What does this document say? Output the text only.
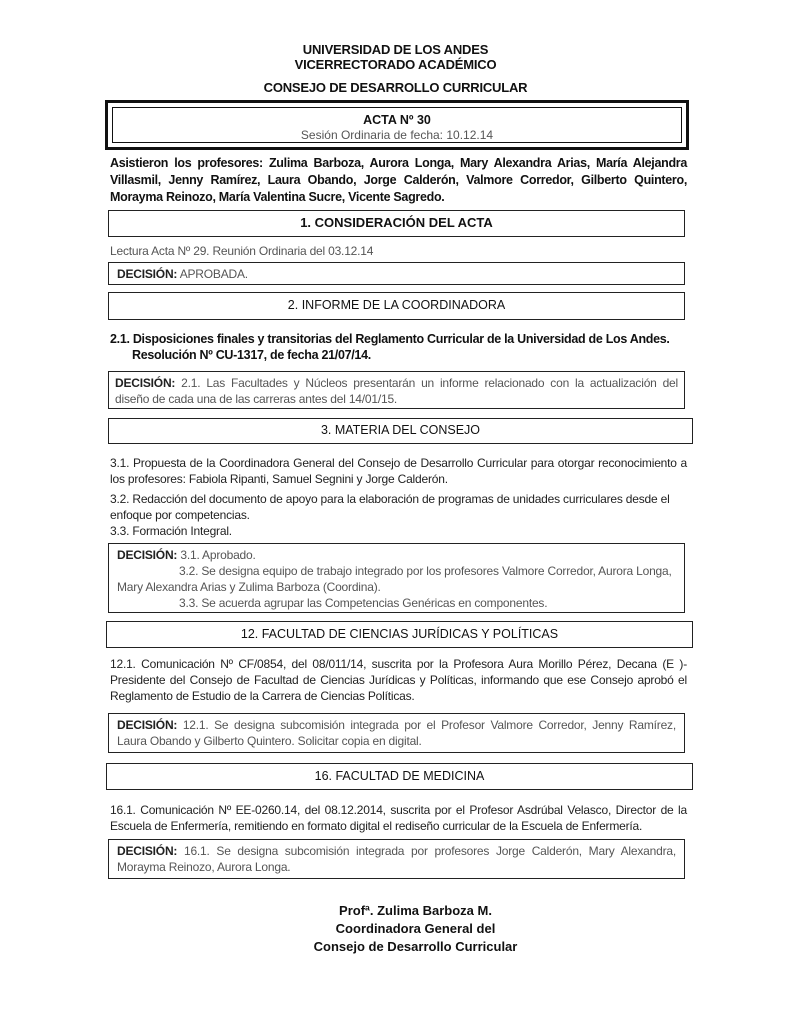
UNIVERSIDAD DE LOS ANDES
VICERRECTORADO ACADÉMICO
CONSEJO DE DESARROLLO CURRICULAR
ACTA Nº 30
Sesión Ordinaria de fecha: 10.12.14
Asistieron los profesores: Zulima Barboza, Aurora Longa, Mary Alexandra Arias, María Alejandra Villasmil, Jenny Ramírez, Laura Obando, Jorge Calderón, Valmore Corredor, Gilberto Quintero, Morayma Reinozo, María Valentina Sucre, Vicente Sagredo.
1. CONSIDERACIÓN DEL ACTA
Lectura Acta Nº 29. Reunión Ordinaria del 03.12.14
DECISIÓN: APROBADA.
2. INFORME DE LA COORDINADORA
2.1. Disposiciones finales y transitorias del Reglamento Curricular de la Universidad de Los Andes.
Resolución Nº CU-1317, de fecha 21/07/14.
DECISIÓN: 2.1. Las Facultades y Núcleos presentarán un informe relacionado con la actualización del diseño de cada una de las carreras antes del 14/01/15.
3. MATERIA DEL CONSEJO
3.1. Propuesta de la Coordinadora General del Consejo de Desarrollo Curricular para otorgar reconocimiento a los profesores: Fabiola Ripanti, Samuel Segnini y Jorge Calderón.
3.2. Redacción del documento de apoyo para la elaboración de programas de unidades curriculares desde el enfoque por competencias.
3.3. Formación Integral.
DECISIÓN: 3.1. Aprobado.
3.2. Se designa equipo de trabajo integrado por los profesores Valmore Corredor, Aurora Longa,
Mary Alexandra Arias y Zulima Barboza (Coordina).
3.3. Se acuerda agrupar las Competencias Genéricas en componentes.
12. FACULTAD DE CIENCIAS JURÍDICAS Y POLÍTICAS
12.1. Comunicación Nº CF/0854, del 08/011/14, suscrita por la Profesora Aura Morillo Pérez, Decana (E )-Presidente del Consejo de Facultad de Ciencias Jurídicas y Políticas, informando que ese Consejo aprobó el Reglamento de Estudio de la Carrera de Ciencias Políticas.
DECISIÓN: 12.1. Se designa subcomisión integrada por el Profesor Valmore Corredor, Jenny Ramírez, Laura Obando y Gilberto Quintero. Solicitar copia en digital.
16. FACULTAD DE MEDICINA
16.1. Comunicación Nº EE-0260.14, del 08.12.2014, suscrita por el Profesor Asdrúbal Velasco, Director de la Escuela de Enfermería, remitiendo en formato digital el rediseño curricular de la Escuela de Enfermería.
DECISIÓN: 16.1. Se designa subcomisión integrada por profesores Jorge Calderón, Mary Alexandra, Morayma Reinozo, Aurora Longa.
Profª. Zulima Barboza M.
Coordinadora General del
Consejo de Desarrollo Curricular
